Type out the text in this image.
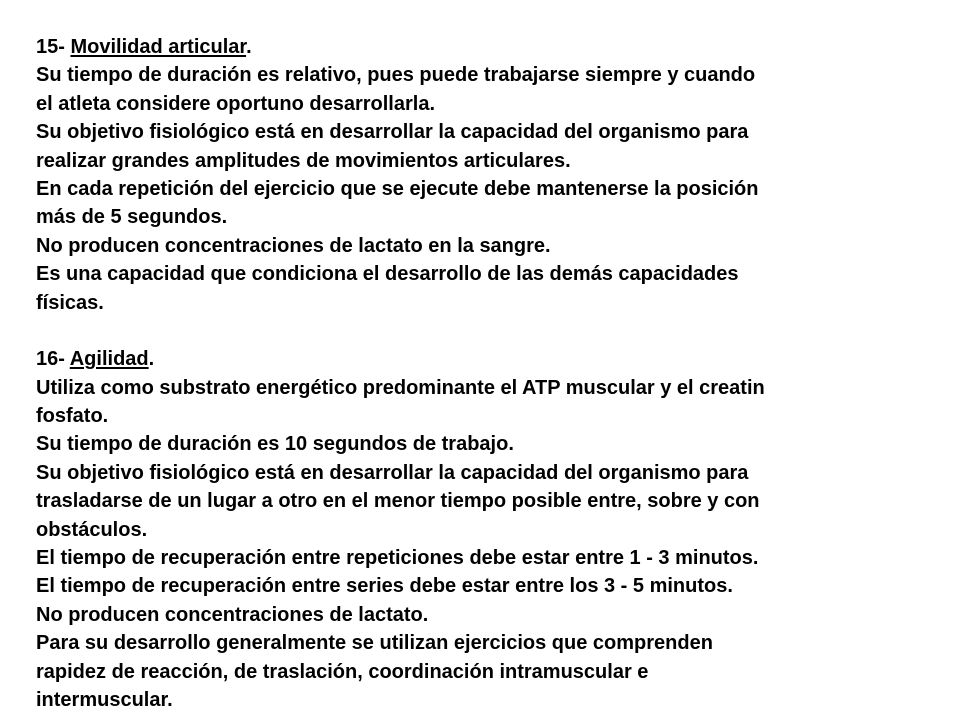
15- Movilidad articular.
Su tiempo de duración es relativo, pues puede trabajarse siempre y cuando
el atleta considere oportuno desarrollarla.
Su objetivo fisiológico está en desarrollar la capacidad del organismo para
realizar grandes amplitudes de movimientos articulares.
En cada repetición del ejercicio que se ejecute debe mantenerse la posición
más de 5 segundos.
No producen concentraciones de lactato en la sangre.
Es una capacidad que condiciona el desarrollo de las demás capacidades
físicas.
16- Agilidad.
Utiliza como substrato energético predominante el ATP muscular y el creatin
fosfato.
Su tiempo de duración es 10 segundos de trabajo.
Su objetivo fisiológico está en desarrollar la capacidad del organismo para
trasladarse de un lugar a otro en el menor tiempo posible entre, sobre y con
obstáculos.
El tiempo de recuperación entre repeticiones debe estar entre 1 - 3 minutos.
El tiempo de recuperación entre series debe estar entre los 3 - 5 minutos.
No producen concentraciones de lactato.
Para su desarrollo generalmente se utilizan ejercicios que comprenden
rapidez de reacción, de traslación, coordinación intramuscular e
intermuscular.
